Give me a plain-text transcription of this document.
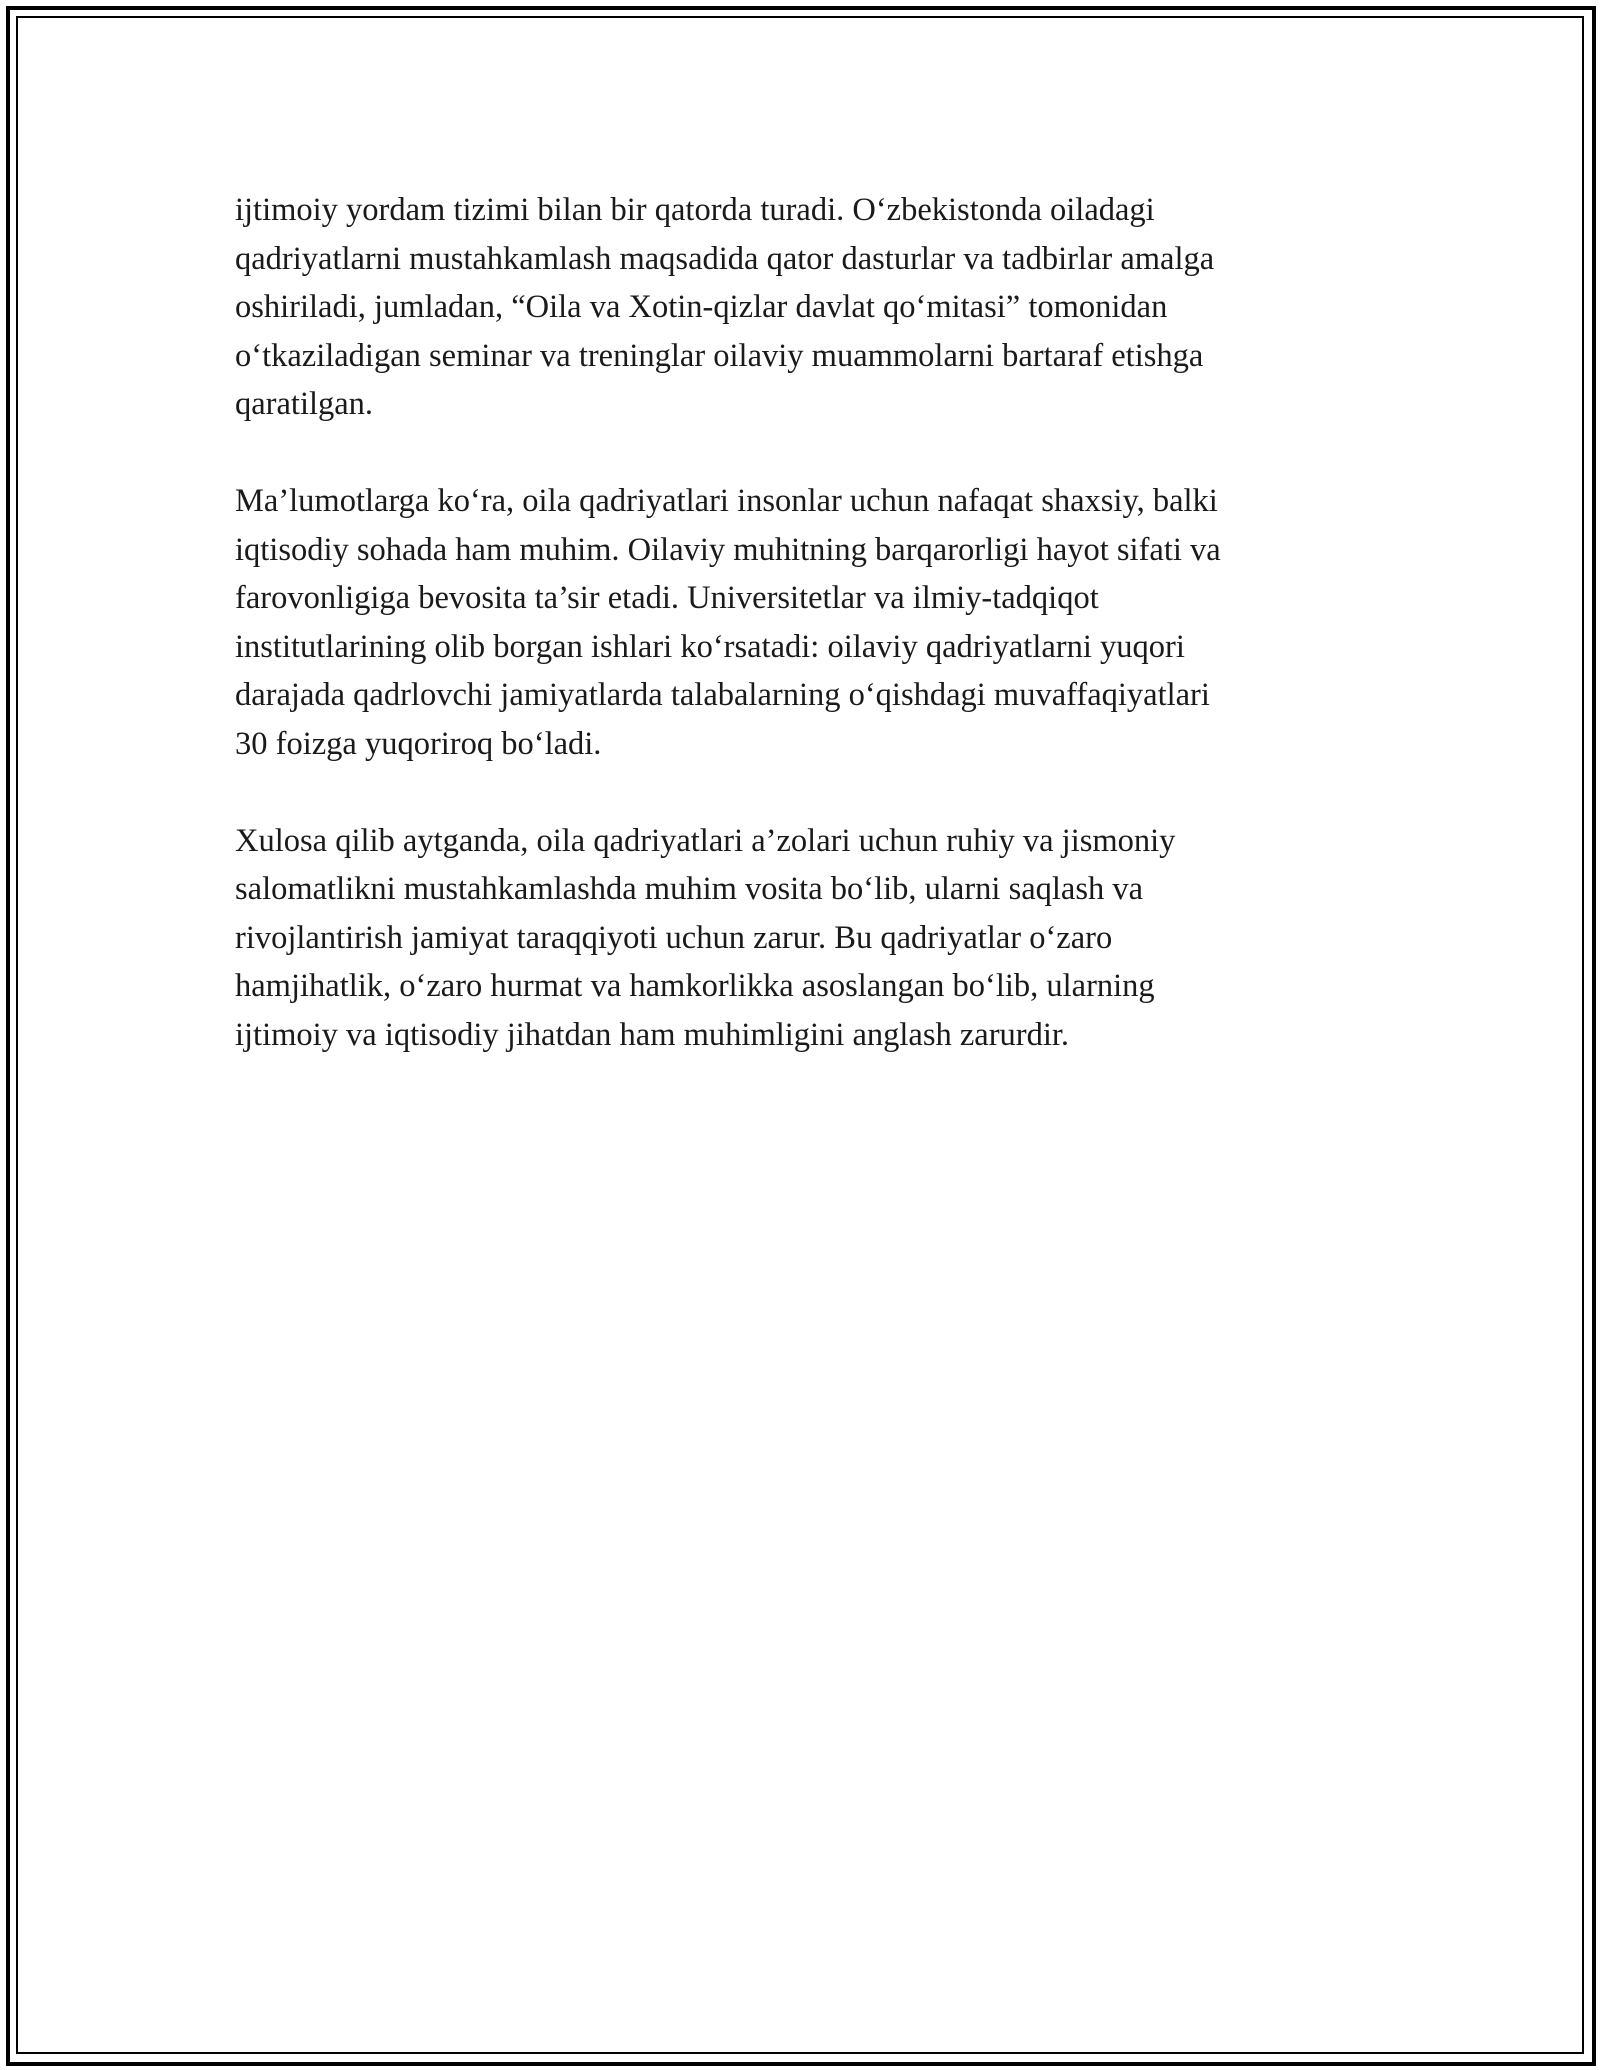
ijtimoiy yordam tizimi bilan bir qatorda turadi. O‘zbekistonda oiladagi
qadriyatlarni mustahkamlash maqsadida qator dasturlar va tadbirlar amalga
oshiriladi, jumladan, “Oila va Xotin-qizlar davlat qo‘mitasi” tomonidan
o‘tkaziladigan seminar va treninglar oilaviy muammolarni bartaraf etishga
qaratilgan.

Ma’lumotlarga ko‘ra, oila qadriyatlari insonlar uchun nafaqat shaxsiy, balki
iqtisodiy sohada ham muhim. Oilaviy muhitning barqarorligi hayot sifati va
farovonligiga bevosita ta’sir etadi. Universitetlar va ilmiy-tadqiqot
institutlarining olib borgan ishlari ko‘rsatadi: oilaviy qadriyatlarni yuqori
darajada qadrlovchi jamiyatlarda talabalarning o‘qishdagi muvaffaqiyatlari
30 foizga yuqoriroq bo‘ladi.

Xulosa qilib aytganda, oila qadriyatlari a’zolari uchun ruhiy va jismoniy
salomatlikni mustahkamlashda muhim vosita bo‘lib, ularni saqlash va
rivojlantirish jamiyat taraqqiyoti uchun zarur. Bu qadriyatlar o‘zaro
hamjihatlik, o‘zaro hurmat va hamkorlikka asoslangan bo‘lib, ularning
ijtimoiy va iqtisodiy jihatdan ham muhimligini anglash zarurdir.
